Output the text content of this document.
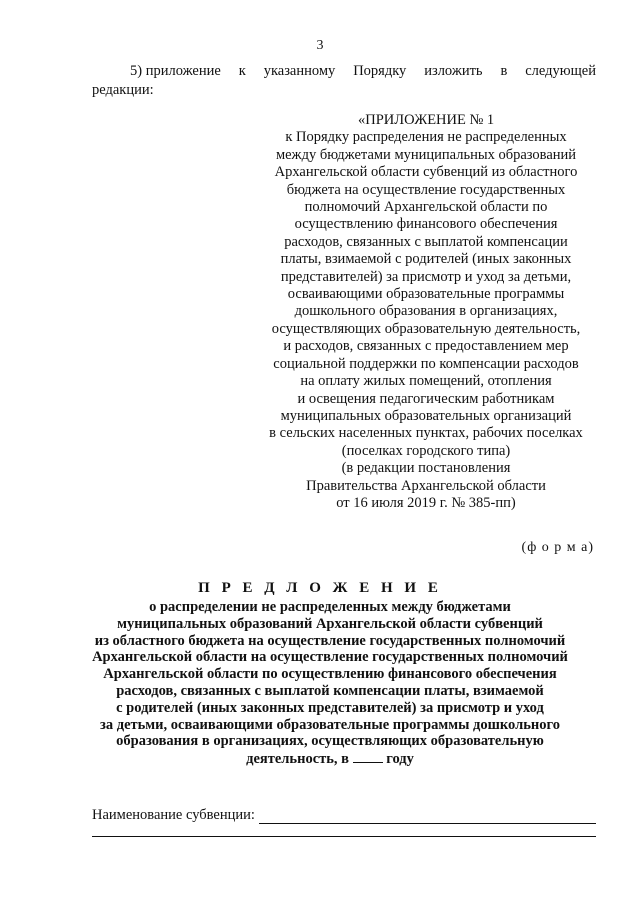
3
5) приложение к указанному Порядку изложить в следующей
редакции:
«ПРИЛОЖЕНИЕ № 1
к Порядку распределения не распределенных
между бюджетами муниципальных образований
Архангельской области субвенций из областного
бюджета на осуществление государственных
полномочий Архангельской области по
осуществлению финансового обеспечения
расходов, связанных с выплатой компенсации
платы, взимаемой с родителей (иных законных
представителей) за присмотр и уход за детьми,
осваивающими образовательные программы
дошкольного образования в организациях,
осуществляющих образовательную деятельность,
и расходов, связанных с предоставлением мер
социальной поддержки по компенсации расходов
на оплату жилых помещений, отопления
и освещения педагогическим работникам
муниципальных образовательных организаций
в сельских населенных пунктах, рабочих поселках
(поселках городского типа)
(в редакции постановления
Правительства Архангельской области
от 16 июля 2019 г. № 385-пп)
(ф о р м а)
П Р Е Д Л О Ж Е Н И Е
о распределении не распределенных между бюджетами
муниципальных образований Архангельской области субвенций
из областного бюджета на осуществление государственных полномочий
Архангельской области на осуществление государственных полномочий
Архангельской области по осуществлению финансового обеспечения
расходов, связанных с выплатой компенсации платы, взимаемой
с родителей (иных законных представителей) за присмотр и уход
за детьми, осваивающими образовательные программы дошкольного
образования в организациях, осуществляющих образовательную
деятельность, в	году
Наименование субвенции:
